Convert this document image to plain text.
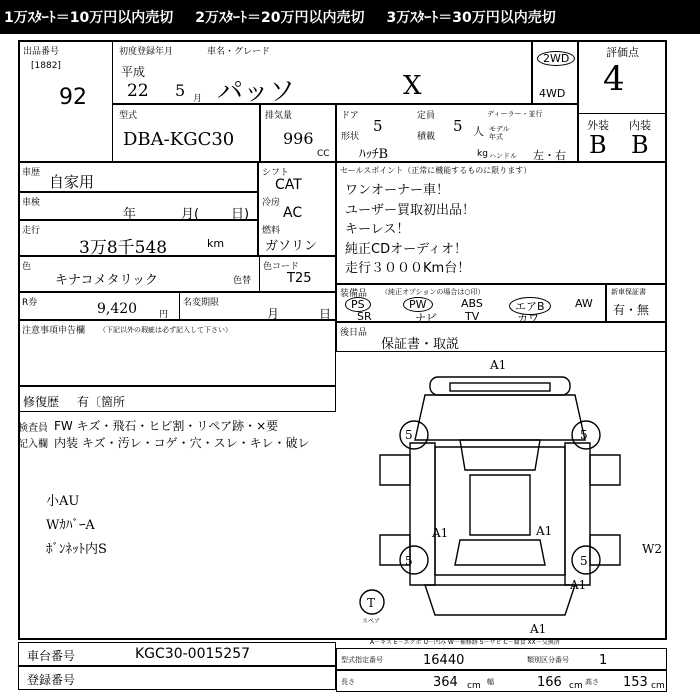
1万ｽﾀｰﾄ＝10万円以内売切 2万ｽﾀｰﾄ＝20万円以内売切 3万ｽﾀｰﾄ＝30万円以内売切
出品番号
[1882]
92
初度登録年月	車名・グレード
平成
22 5 月 パッソ	X
2WD
4WD
評価点
4
外装 内装
B B
型式
DBA-KGC30
排気量
996
CC
ドア
5
定員
5 人
ディーラー・並行
モデル
年式
形状	積載
ﾊｯﾁB	kg ハンドル 左・右
車歴 自家用
車検
年	月( 日)
走行
3万8千548	km
シフト
CAT
冷房
AC
燃料
ガソリン
セールスポイント（正常に機能するものに限ります）
ワンオーナー車！
ユーザー買取初出品！
キーレス！
純正CDオーディオ！
走行３０００Km台！
色
キナコメタリック	色替
色コード
T25
R券	9,420 円
名変期限
月	日
装備品 （純正オプションの場合は○印）
PS	PW	ABS	エアB	AW
SR	ナビ	TV	カワ
新車保証書
有・無
注意事項申告欄 （下記以外の瑕疵は必ず記入して下さい）	後日品
保証書・取説
修復歴 有〔箇所
検査員
記入欄
FW キズ・飛石・ヒビ割・リペア跡・×要
内装 キズ・汚レ・コゲ・穴・スレ・キレ・破レ
小AU
WｶﾊﾞｰA
ﾎﾞﾝﾈｯﾄ内S
A1
5	5
A1	A1
5	5
A1
A1
W2
T
スペア
A－キズ E－エクボ U－凹み W－補修跡 S－サビ C－腐食 XX－交換済
車台番号	KGC30-0015257
登録番号
型式指定番号	16440	類別区分番号 1
長さ	364 cm 幅	166 cm 高さ 153 cm
